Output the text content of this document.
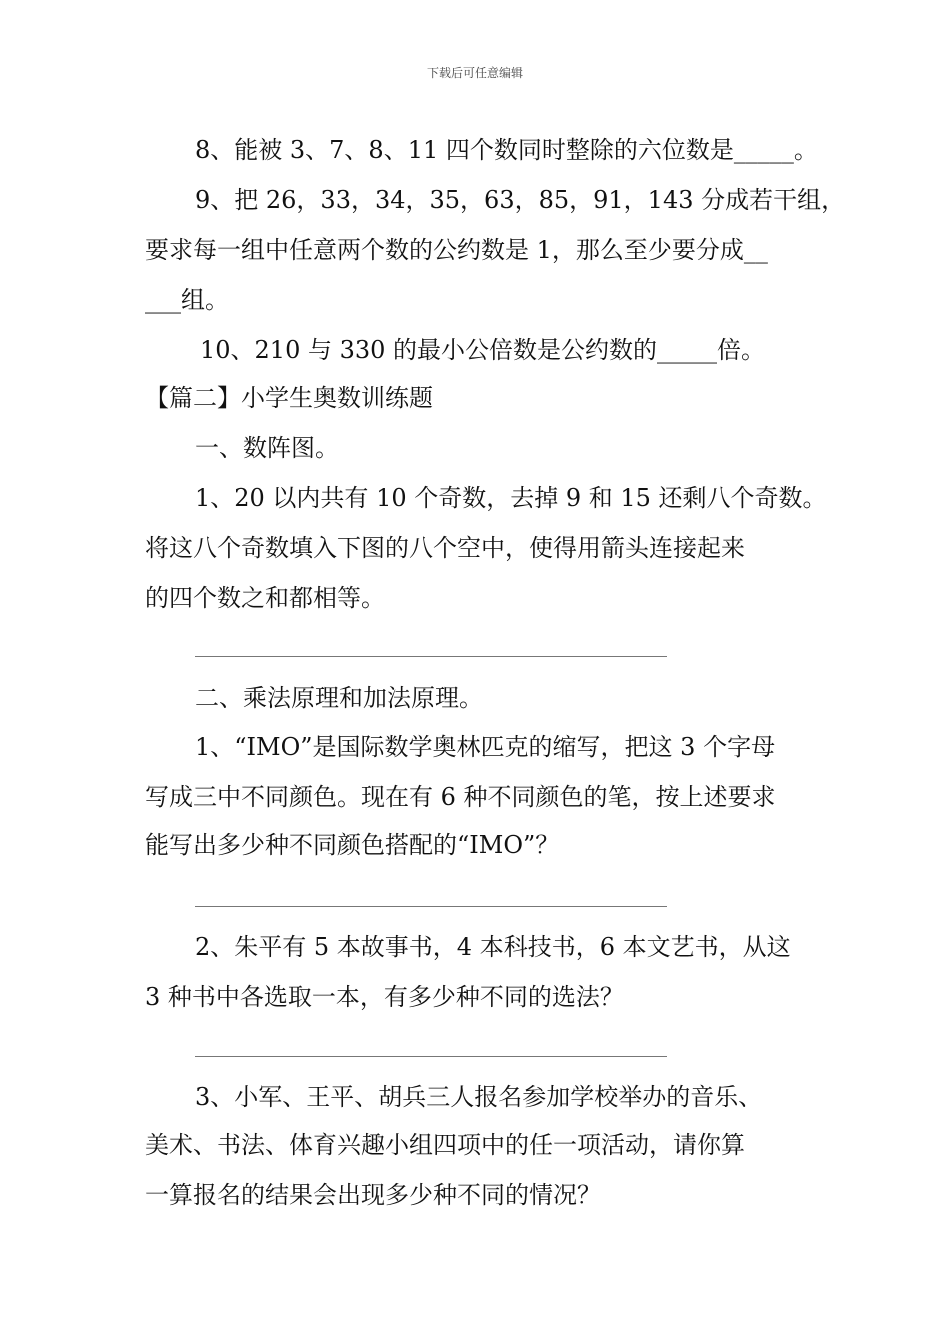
下载后可任意编辑
8、能被 3、7、8、11 四个数同时整除的六位数是_____。
9、把 26，33，34，35，63，85，91，143 分成若干组，
要求每一组中任意两个数的公约数是 1，那么至少要分成__
___组。
10、210 与 330 的最小公倍数是公约数的_____倍。
【篇二】小学生奥数训练题
一、数阵图。
1、20 以内共有 10 个奇数，去掉 9 和 15 还剩八个奇数。
将这八个奇数填入下图的八个空中，使得用箭头连接起来
的四个数之和都相等。
二、乘法原理和加法原理。
1、“IMO”是国际数学奥林匹克的缩写，把这 3 个字母
写成三中不同颜色。现在有 6 种不同颜色的笔，按上述要求
能写出多少种不同颜色搭配的“IMO”？
2、朱平有 5 本故事书，4 本科技书，6 本文艺书，从这
3 种书中各选取一本，有多少种不同的选法？
3、小军、王平、胡兵三人报名参加学校举办的音乐、
美术、书法、体育兴趣小组四项中的任一项活动，请你算
一算报名的结果会出现多少种不同的情况？
